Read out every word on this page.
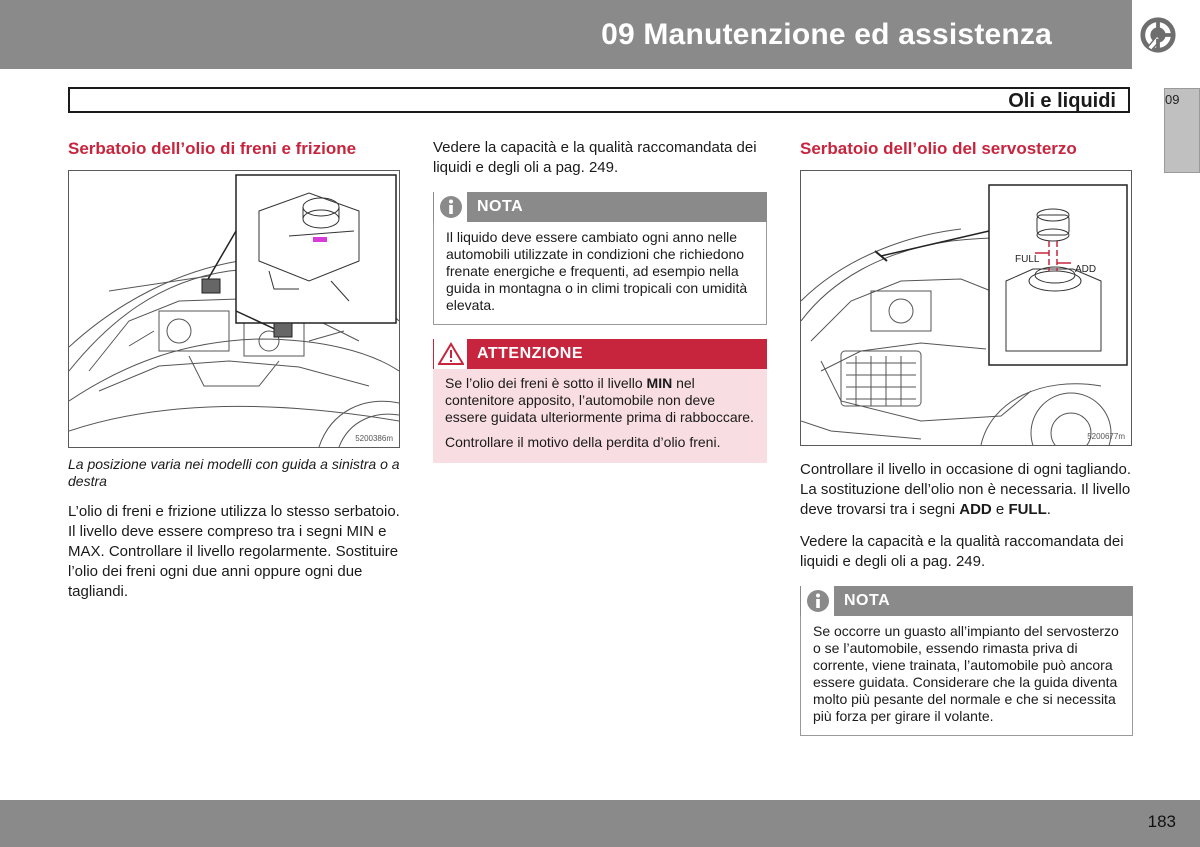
09 Manutenzione ed assistenza
Oli e liquidi	09
Serbatoio dell’olio di freni e frizione
5200386m

La posizione varia nei modelli con guida a sinistra o a destra

L’olio di freni e frizione utilizza lo stesso serbatoio. Il livello deve essere compreso tra i segni MIN e MAX. Controllare il livello regolarmente. Sostituire l’olio dei freni ogni due anni oppure ogni due tagliandi.

Vedere la capacità e la qualità raccomandata dei liquidi e degli oli a pag. 249.

NOTA

Il liquido deve essere cambiato ogni anno nelle automobili utilizzate in condizioni che richiedono frenate energiche e frequenti, ad esempio nella guida in montagna o in climi tropicali con umidità elevata.

ATTENZIONE

Se l’olio dei freni è sotto il livello MIN nel contenitore apposito, l’automobile non deve essere guidata ulteriormente prima di rabboccare.

Controllare il motivo della perdita d’olio freni.

Serbatoio dell’olio del servosterzo
FULL
ADD
5200677m

Controllare il livello in occasione di ogni tagliando. La sostituzione dell’olio non è necessaria. Il livello deve trovarsi tra i segni ADD e FULL.

Vedere la capacità e la qualità raccomandata dei liquidi e degli oli a pag. 249.

NOTA

Se occorre un guasto all’impianto del servosterzo o se l’automobile, essendo rimasta priva di corrente, viene trainata, l’automobile può ancora essere guidata. Considerare che la guida diventa molto più pesante del normale e che si necessita più forza per girare il volante.

183
